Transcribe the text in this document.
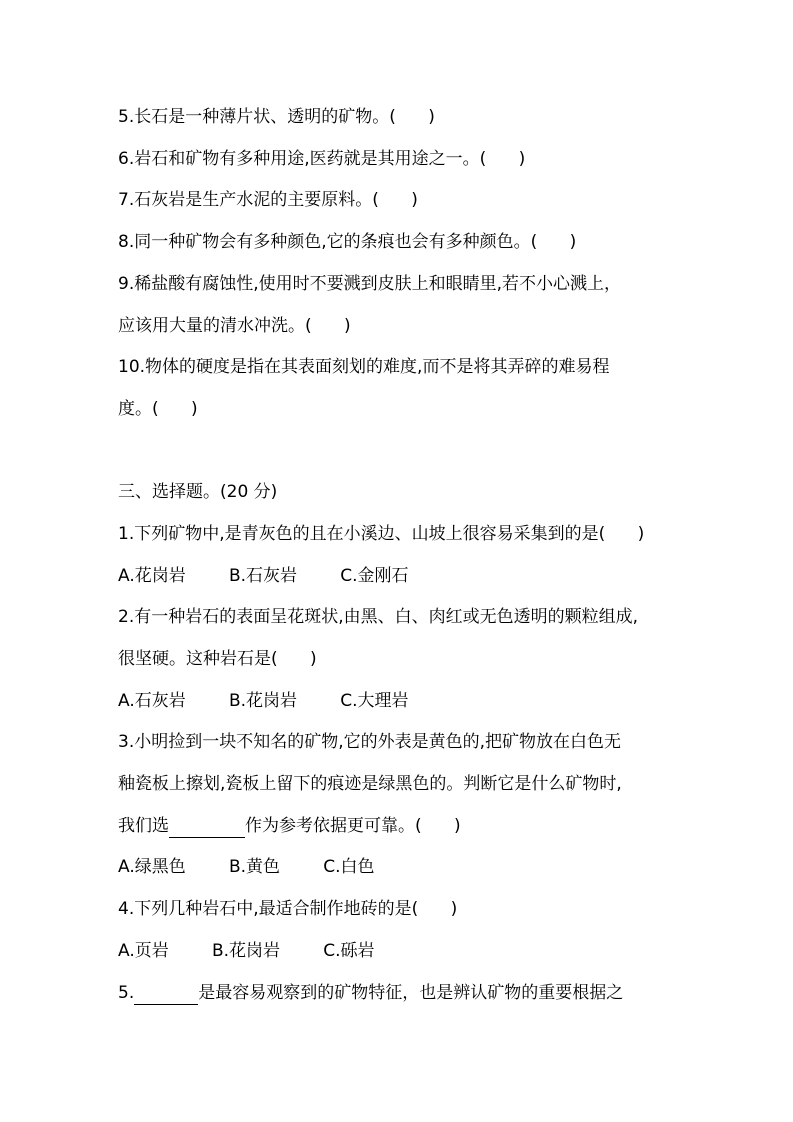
5.长石是一种薄片状、透明的矿物。(      )
6.岩石和矿物有多种用途,医药就是其用途之一。(      )
7.石灰岩是生产水泥的主要原料。(      )
8.同一种矿物会有多种颜色,它的条痕也会有多种颜色。(      )
9.稀盐酸有腐蚀性,使用时不要溅到皮肤上和眼睛里,若不小心溅上，
应该用大量的清水冲洗。(      )
10.物体的硬度是指在其表面刻划的难度,而不是将其弄碎的难易程
度。(      )
三、选择题。(20 分)
1.下列矿物中,是青灰色的且在小溪边、山坡上很容易采集到的是(      )
A.花岗岩        B.石灰岩        C.金刚石
2.有一种岩石的表面呈花斑状,由黑、白、肉红或无色透明的颗粒组成,
很坚硬。这种岩石是(      )
A.石灰岩        B.花岗岩        C.大理岩
3.小明捡到一块不知名的矿物,它的外表是黄色的,把矿物放在白色无
釉瓷板上擦划,瓷板上留下的痕迹是绿黑色的。判断它是什么矿物时,
我们选	作为参考依据更可靠。(      )
A.绿黑色        B.黄色        C.白色
4.下列几种岩石中,最适合制作地砖的是(      )
A.页岩        B.花岗岩        C.砾岩
5.	是最容易观察到的矿物特征，也是辨认矿物的重要根据之
